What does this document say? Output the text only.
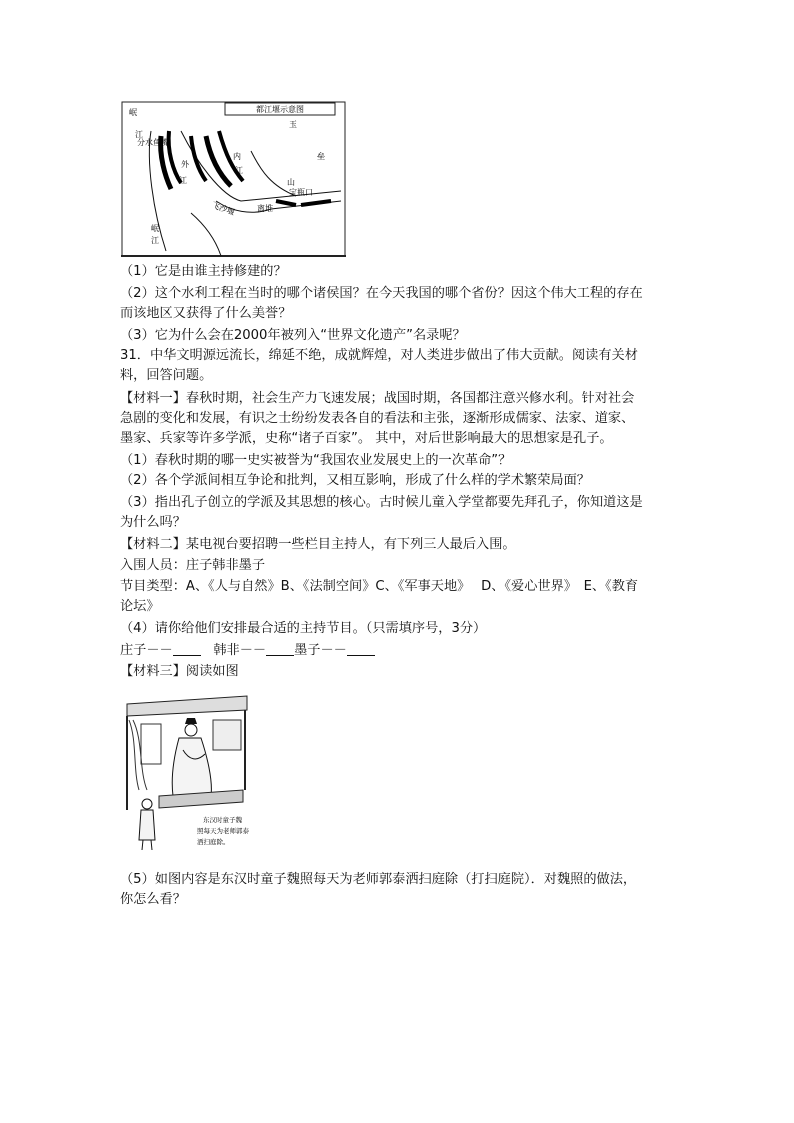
都江堰示意图
岷
江
分水鱼嘴
外
江
内
江
玉
垒
山
宝瓶口
飞沙堰	离堆
岷
江
（1）它是由谁主持修建的？
（2）这个水利工程在当时的哪个诸侯国？在今天我国的哪个省份？因这个伟大工程的存在
而该地区又获得了什么美誉？
（3）它为什么会在2000年被列入“世界文化遗产”名录呢？
31．中华文明源远流长，绵延不绝，成就辉煌，对人类进步做出了伟大贡献。阅读有关材
料，回答问题。
【材料一】春秋时期，社会生产力飞速发展；战国时期，各国都注意兴修水利。针对社会
急剧的变化和发展，有识之士纷纷发表各自的看法和主张，逐渐形成儒家、法家、道家、
墨家、兵家等许多学派，史称“诸子百家”。 其中，对后世影响最大的思想家是孔子。
（1）春秋时期的哪一史实被誉为“我国农业发展史上的一次革命”？
（2）各个学派间相互争论和批判，又相互影响，形成了什么样的学术繁荣局面？
（3）指出孔子创立的学派及其思想的核心。古时候儿童入学堂都要先拜孔子，你知道这是
为什么吗？
【材料二】某电视台要招聘一些栏目主持人，有下列三人最后入围。
入围人员：庄子韩非墨子
节目类型：A、《人与自然》B、《法制空间》C、《军事天地》　 D、《爱心世界》　E、《教育
论坛》
（4）请你给他们安排最合适的主持节目。（只需填序号，3分）
庄子－－	韩非－－ 墨子－－
【材料三】阅读如图
东汉时童子魏
照每天为老师郭泰
洒扫庭除。
（5）如图内容是东汉时童子魏照每天为老师郭泰洒扫庭除（打扫庭院）．对魏照的做法，
你怎么看？
